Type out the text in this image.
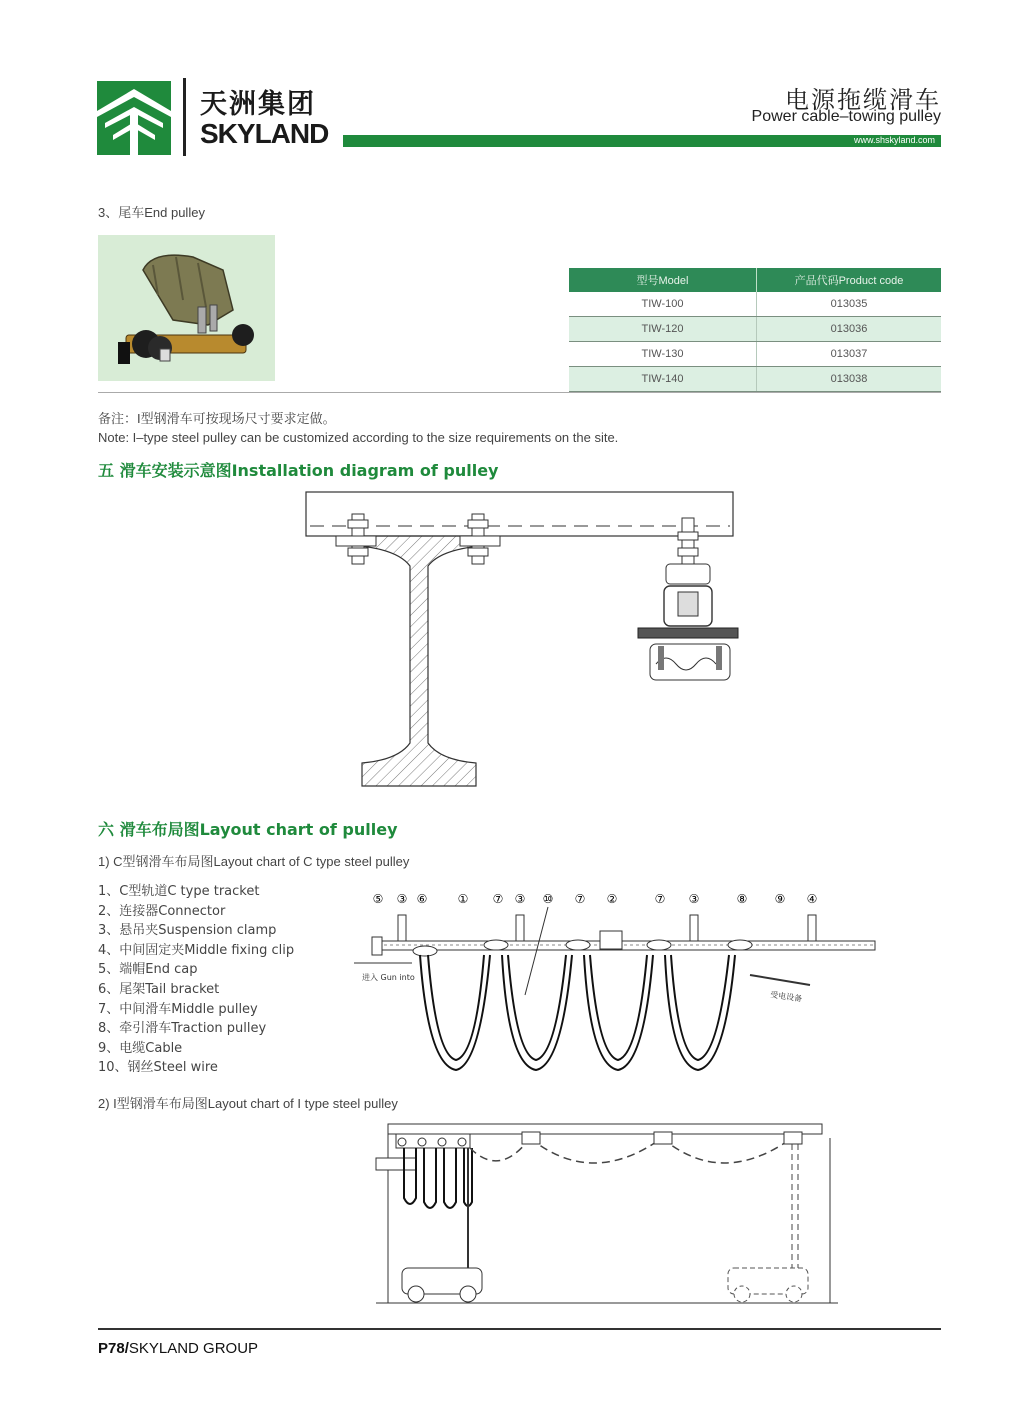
天洲集团
SKYLAND
电源拖缆滑车
Power cable–towing pulley
www.shskyland.com
3、尾车End pulley
型号Model	产品代码Product code
TIW-100	013035
TIW-120	013036
TIW-130	013037
TIW-140	013038
备注：I型钢滑车可按现场尺寸要求定做。
Note: I–type steel pulley can be customized according to the size requirements on the site.
五 滑车安装示意图Installation diagram of pulley
六 滑车布局图Layout chart of pulley
1) C型钢滑车布局图Layout chart of C type steel pulley
1、C型轨道C type tracket
2、连接器Connector
3、悬吊夹Suspension clamp
4、中间固定夹Middle fixing clip
5、端帽End cap
6、尾架Tail bracket
7、中间滑车Middle pulley
8、牵引滑车Traction pulley
9、电缆Cable
10、钢丝Steel wire
⑤ ③ ⑥	① ⑦ ③ ⑩ ⑦ ②	⑦ ③	⑧ ⑨ ④
进入 Gun into
受电设备
2) I型钢滑车布局图Layout chart of I type steel pulley
P78/SKYLAND GROUP
